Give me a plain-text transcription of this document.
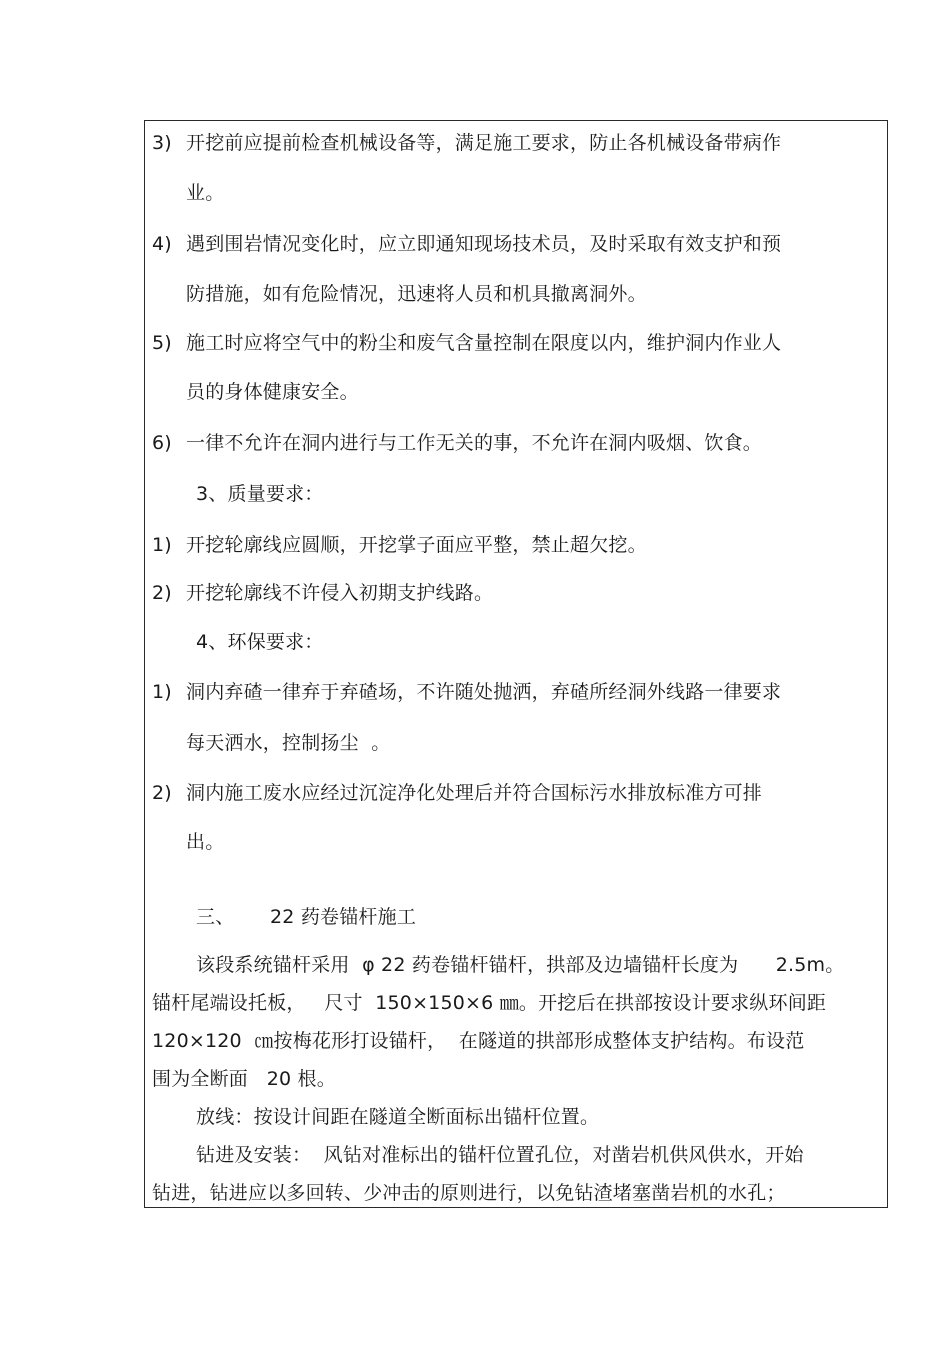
3) 开挖前应提前检查机械设备等，满足施工要求，防止各机械设备带病作
业。
4) 遇到围岩情况变化时，应立即通知现场技术员，及时采取有效支护和预
防措施，如有危险情况，迅速将人员和机具撤离洞外。
5) 施工时应将空气中的粉尘和废气含量控制在限度以内，维护洞内作业人
员的身体健康安全。
6) 一律不允许在洞内进行与工作无关的事，不允许在洞内吸烟、饮食。
3、质量要求：
1) 开挖轮廓线应圆顺，开挖掌子面应平整，禁止超欠挖。
2) 开挖轮廓线不许侵入初期支护线路。
4、环保要求：
1) 洞内弃碴一律弃于弃碴场，不许随处抛洒，弃碴所经洞外线路一律要求
每天洒水，控制扬尘  。
2) 洞内施工废水应经过沉淀净化处理后并符合国标污水排放标准方可排
出。
三、 22 药卷锚杆施工
该段系统锚杆采用  φ 22 药卷锚杆锚杆，拱部及边墙锚杆长度为      2.5m。
锚杆尾端设托板，   尺寸  150×150×6 ㎜。开挖后在拱部按设计要求纵环间距
120×120  ㎝按梅花形打设锚杆，  在隧道的拱部形成整体支护结构。布设范
围为全断面   20 根。
放线：按设计间距在隧道全断面标出锚杆位置。
钻进及安装：  风钻对准标出的锚杆位置孔位，对凿岩机供风供水，开始
钻进，钻进应以多回转、少冲击的原则进行，以免钻渣堵塞凿岩机的水孔；
